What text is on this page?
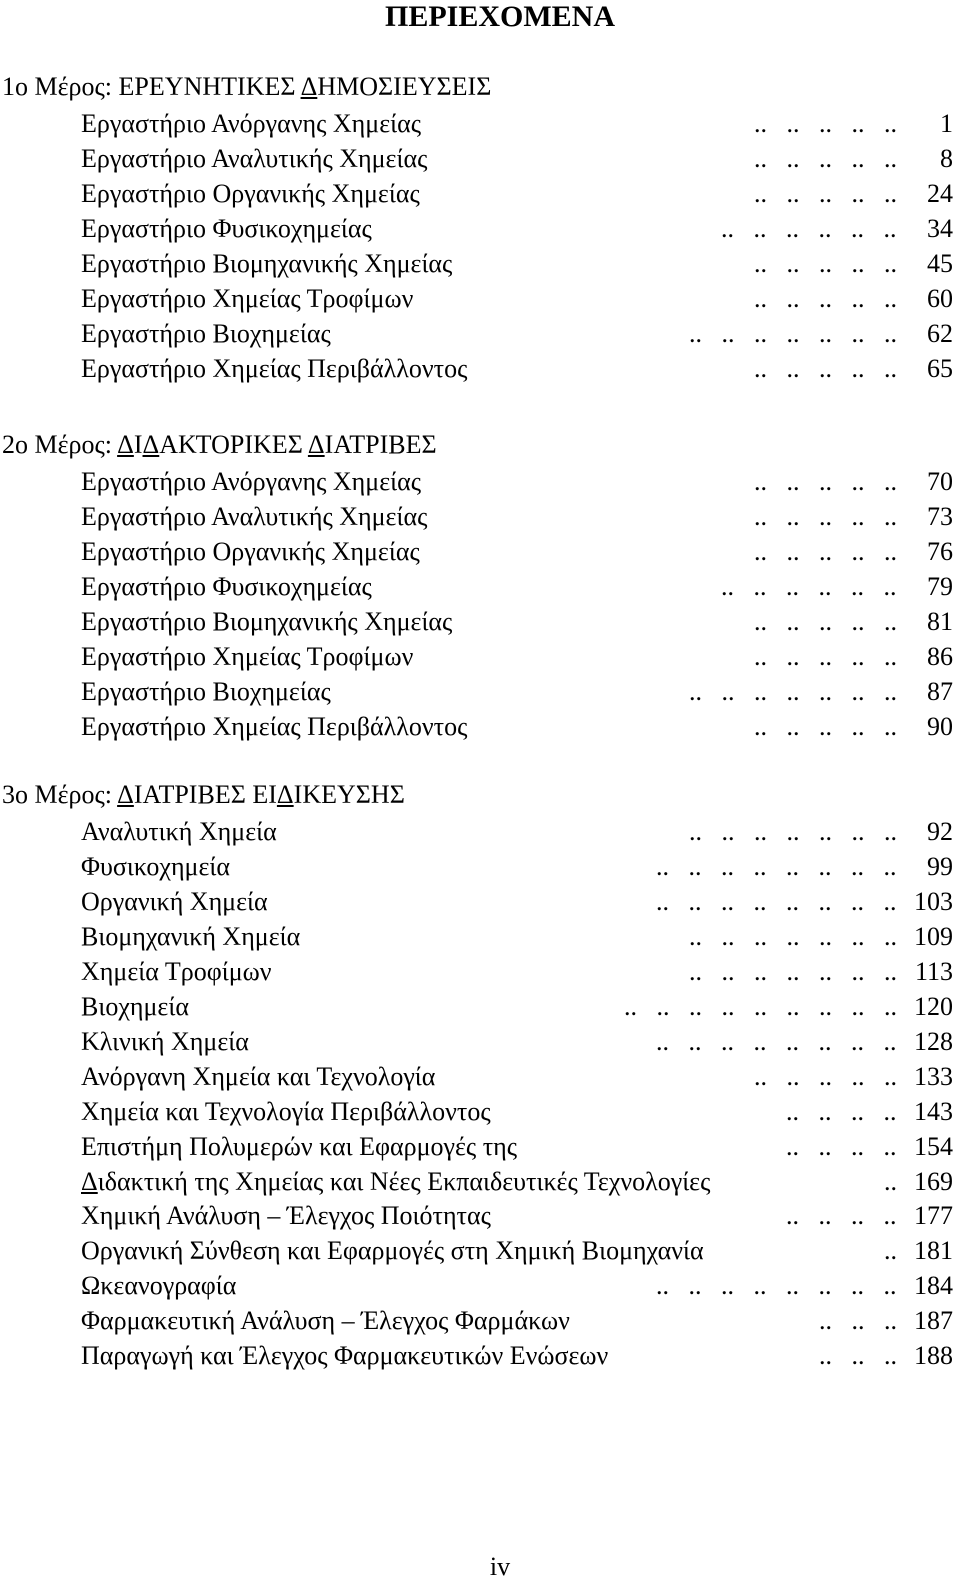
ΠΕΡΙΕΧΟΜΕΝΑ
1ο Μέρος: ΕΡΕΥΝΗΤΙΚΕΣ ΔΗΜΟΣΙΕΥΣΕΙΣ
Εργαστήριο Ανόργανης Χημείας	..   ..   ..   ..   .. 1
Εργαστήριο Αναλυτικής Χημείας	..   ..   ..   ..   .. 8
Εργαστήριο Οργανικής Χημείας	..   ..   ..   ..   .. 24
Εργαστήριο Φυσικοχημείας	..   ..   ..   ..   ..   .. 34
Εργαστήριο Βιομηχανικής Χημείας	..   ..   ..   ..   .. 45
Εργαστήριο Χημείας Τροφίμων	..   ..   ..   ..   .. 60
Εργαστήριο Βιοχημείας	..   ..   ..   ..   ..   ..   .. 62
Εργαστήριο Χημείας Περιβάλλοντος	..   ..   ..   ..   .. 65
2ο Μέρος: ΔΙΔΑΚΤΟΡΙΚΕΣ ΔΙΑΤΡΙΒΕΣ
Εργαστήριο Ανόργανης Χημείας	..   ..   ..   ..   .. 70
Εργαστήριο Αναλυτικής Χημείας	..   ..   ..   ..   .. 73
Εργαστήριο Οργανικής Χημείας	..   ..   ..   ..   .. 76
Εργαστήριο Φυσικοχημείας	..   ..   ..   ..   ..   .. 79
Εργαστήριο Βιομηχανικής Χημείας	..   ..   ..   ..   .. 81
Εργαστήριο Χημείας Τροφίμων	..   ..   ..   ..   .. 86
Εργαστήριο Βιοχημείας	..   ..   ..   ..   ..   ..   .. 87
Εργαστήριο Χημείας Περιβάλλοντος	..   ..   ..   ..   .. 90
3ο Μέρος: ΔΙΑΤΡΙΒΕΣ ΕΙΔΙΚΕΥΣΗΣ
Αναλυτική Χημεία	..   ..   ..   ..   ..   ..   .. 92
Φυσικοχημεία	..   ..   ..   ..   ..   ..   ..   .. 99
Οργανική Χημεία	..   ..   ..   ..   ..   ..   ..   .. 103
Βιομηχανική Χημεία	..   ..   ..   ..   ..   ..   .. 109
Χημεία Τροφίμων	..   ..   ..   ..   ..   ..   .. 113
Βιοχημεία	..   ..   ..   ..   ..   ..   ..   ..   .. 120
Κλινική Χημεία	..   ..   ..   ..   ..   ..   ..   .. 128
Ανόργανη Χημεία και Τεχνολογία	..   ..   ..   ..   .. 133
Χημεία και Τεχνολογία Περιβάλλοντος	..   ..   ..   .. 143
Επιστήμη Πολυμερών και Εφαρμογές της	..   ..   ..   .. 154
Διδακτική της Χημείας και Νέες Εκπαιδευτικές Τεχνολογίες	.. 169
Χημική Ανάλυση – Έλεγχος Ποιότητας	..   ..   ..   .. 177
Οργανική Σύνθεση και Εφαρμογές στη Χημική Βιομηχανία	.. 181
Ωκεανογραφία	..   ..   ..   ..   ..   ..   ..   .. 184
Φαρμακευτική Ανάλυση – Έλεγχος Φαρμάκων	..   ..   .. 187
Παραγωγή και Έλεγχος Φαρμακευτικών Ενώσεων	..   ..   .. 188
iv
